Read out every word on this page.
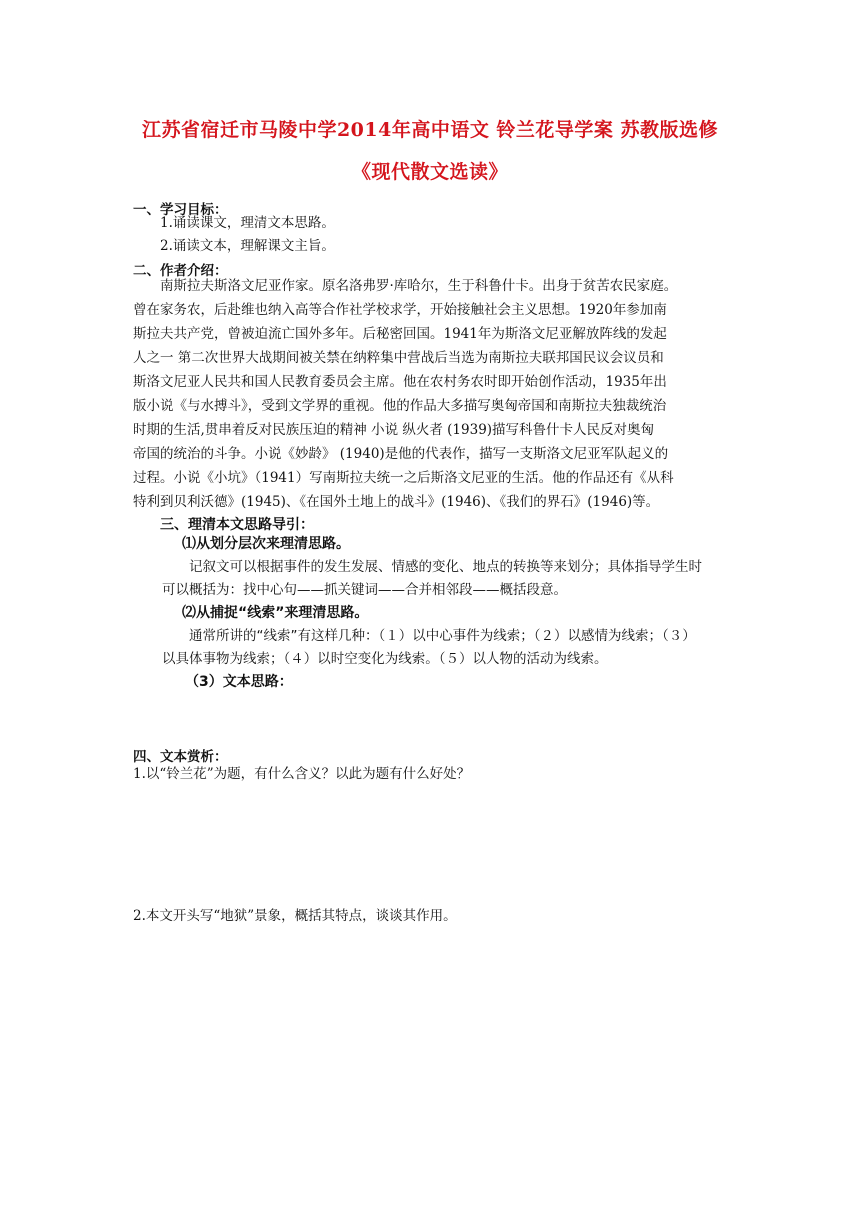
江苏省宿迁市马陵中学2014年高中语文 铃兰花导学案 苏教版选修
《现代散文选读》
一、学习目标：
1.诵读课文，理清文本思路。
2.诵读文本，理解课文主旨。
二、作者介绍：
南斯拉夫斯洛文尼亚作家。原名洛弗罗·库哈尔，生于科鲁什卡。出身于贫苦农民家庭。
曾在家务农，后赴维也纳入高等合作社学校求学，开始接触社会主义思想。1920年参加南
斯拉夫共产党，曾被迫流亡国外多年。后秘密回国。1941年为斯洛文尼亚解放阵线的发起
人之一 第二次世界大战期间被关禁在纳粹集中营战后当选为南斯拉夫联邦国民议会议员和
斯洛文尼亚人民共和国人民教育委员会主席。他在农村务农时即开始创作活动，1935年出
版小说《与水搏斗》，受到文学界的重视。他的作品大多描写奥匈帝国和南斯拉夫独裁统治
时期的生活,贯串着反对民族压迫的精神 小说 纵火者 (1939)描写科鲁什卡人民反对奥匈
帝国的统治的斗争。小说《妙龄》 (1940)是他的代表作，描写一支斯洛文尼亚军队起义的
过程。小说《小坑》（1941）写南斯拉夫统一之后斯洛文尼亚的生活。他的作品还有《从科
特利到贝利沃德》(1945)、《在国外土地上的战斗》(1946)、《我们的界石》(1946)等。
三、理清本文思路导引：
⑴从划分层次来理清思路。
记叙文可以根据事件的发生发展、情感的变化、地点的转换等来划分；具体指导学生时
可以概括为：找中心句——抓关键词——合并相邻段——概括段意。
⑵从捕捉“线索”来理清思路。
通常所讲的“线索”有这样几种：（１）以中心事件为线索；（２）以感情为线索；（３）
以具体事物为线索；（４）以时空变化为线索。（５）以人物的活动为线索。
（3）文本思路：
四、文本赏析：
1.以“铃兰花”为题，有什么含义？以此为题有什么好处？
2.本文开头写“地狱”景象，概括其特点，谈谈其作用。
